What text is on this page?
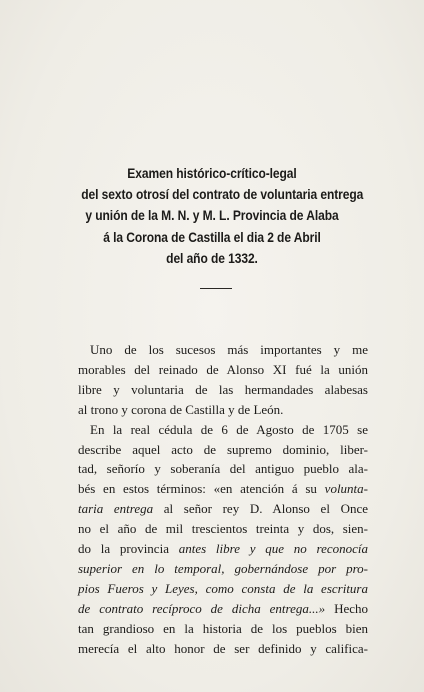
Examen histórico-crítico-legal
del sexto otrosí del contrato de voluntaria entrega
y unión de la M. N. y M. L. Provincia de Alaba
á la Corona de Castilla el dia 2 de Abril
del año de 1332.
Uno de los sucesos más importantes y me
morables del reinado de Alonso XI fué la unión
libre y voluntaria de las hermandades alabesas
al trono y corona de Castilla y de León.
En la real cédula de 6 de Agosto de 1705 se
describe aquel acto de supremo dominio, liber-
tad, señorío y soberanía del antiguo pueblo ala-
bés en estos términos: «en atención á su volunta-
taria entrega al señor rey D. Alonso el Once
no el año de mil trescientos treinta y dos, sien-
do la provincia antes libre y que no reconocía
superior en lo temporal, gobernándose por pro-
pios Fueros y Leyes, como consta de la escritura
de contrato recíproco de dicha entrega...» Hecho
tan grandioso en la historia de los pueblos bien
merecía el alto honor de ser definido y califica-
